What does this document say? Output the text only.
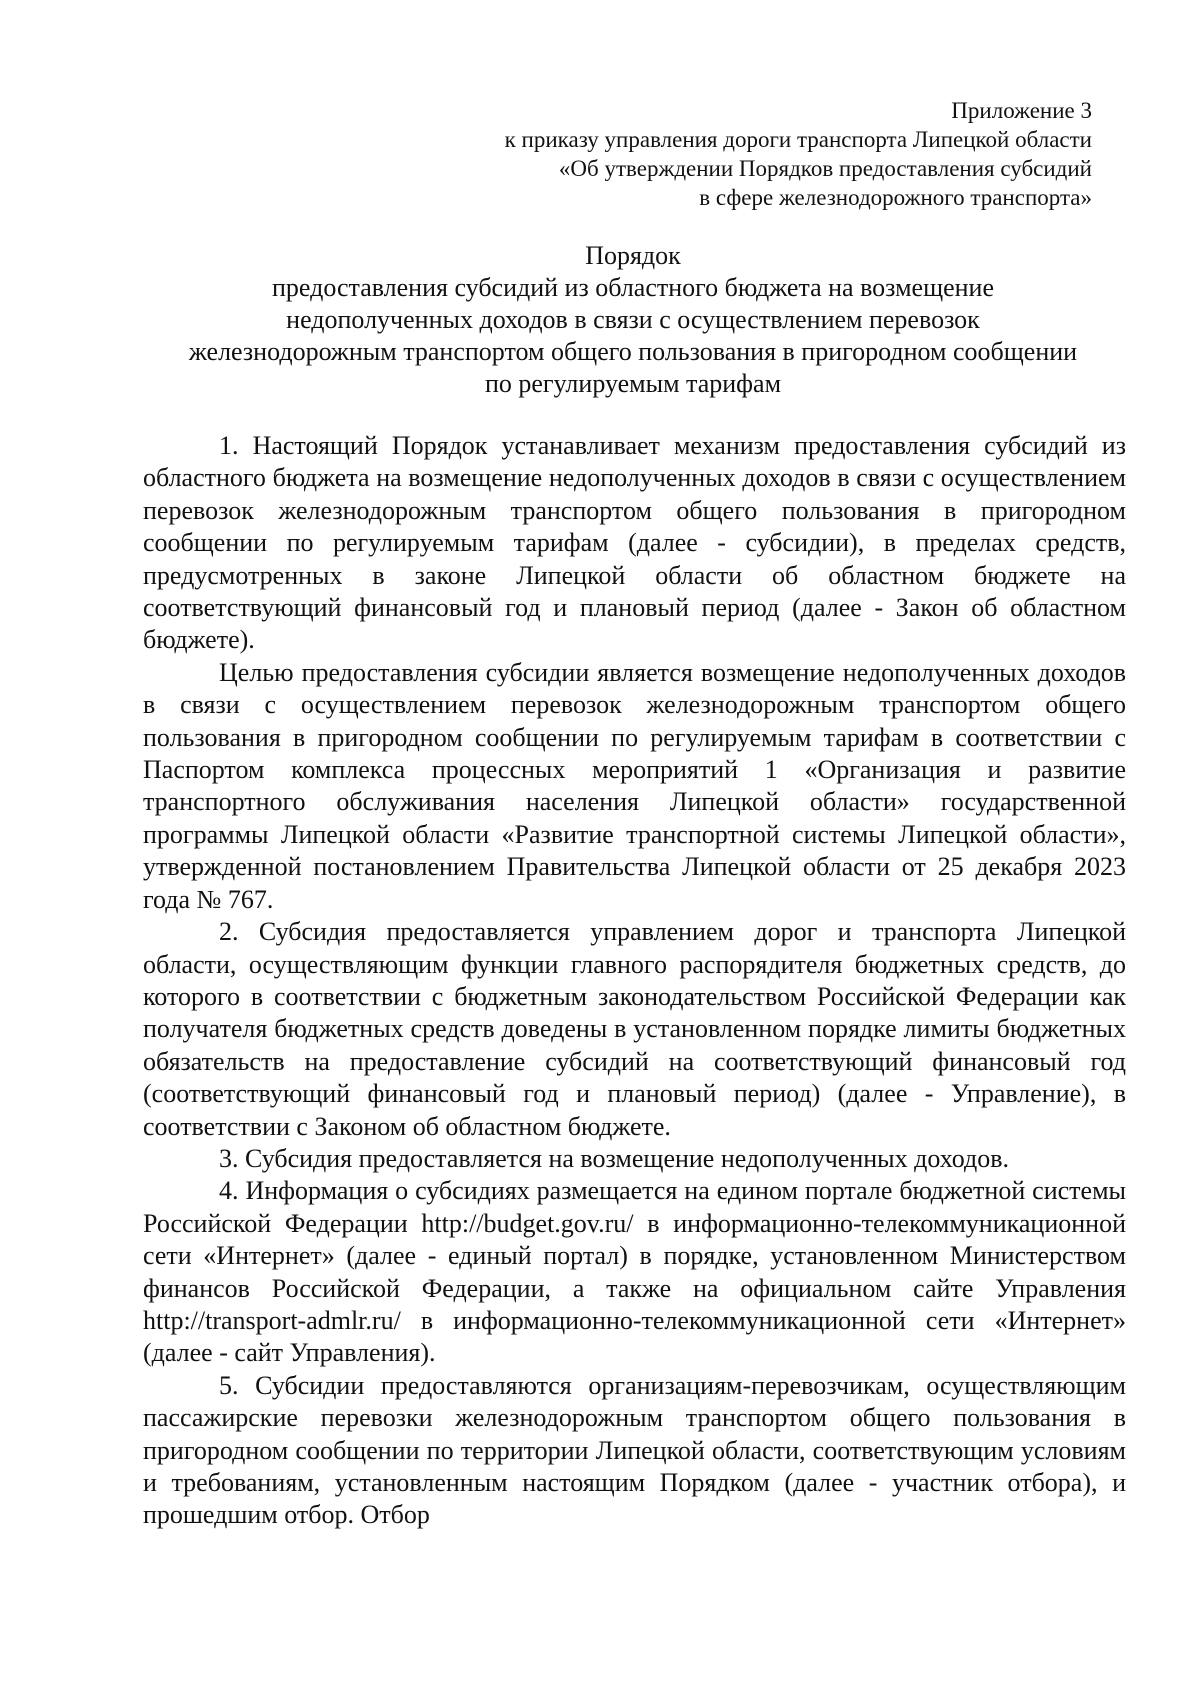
Приложение 3
к приказу управления дороги транспорта Липецкой области
«Об утверждении Порядков предоставления субсидий
в сфере железнодорожного транспорта»
Порядок
предоставления субсидий из областного бюджета на возмещение
недополученных доходов в связи с осуществлением перевозок
железнодорожным транспортом общего пользования в пригородном сообщении
по регулируемым тарифам

1. Настоящий Порядок устанавливает механизм предоставления субсидий из областного бюджета на возмещение недополученных доходов в связи с осуществлением перевозок железнодорожным транспортом общего пользования в пригородном сообщении по регулируемым тарифам (далее - субсидии), в пределах средств, предусмотренных в законе Липецкой области об областном бюджете на соответствующий финансовый год и плановый период (далее - Закон об областном бюджете).

Целью предоставления субсидии является возмещение недополученных доходов в связи с осуществлением перевозок железнодорожным транспортом общего пользования в пригородном сообщении по регулируемым тарифам в соответствии с Паспортом комплекса процессных мероприятий 1 «Организация и развитие транспортного обслуживания населения Липецкой области» государственной программы Липецкой области «Развитие транспортной системы Липецкой области», утвержденной постановлением Правительства Липецкой области от 25 декабря 2023 года № 767.

2. Субсидия предоставляется управлением дорог и транспорта Липецкой области, осуществляющим функции главного распорядителя бюджетных средств, до которого в соответствии с бюджетным законодательством Российской Федерации как получателя бюджетных средств доведены в установленном порядке лимиты бюджетных обязательств на предоставление субсидий на соответствующий финансовый год (соответствующий финансовый год и плановый период) (далее - Управление), в соответствии с Законом об областном бюджете.

3. Субсидия предоставляется на возмещение недополученных доходов.

4. Информация о субсидиях размещается на едином портале бюджетной системы Российской Федерации http://budget.gov.ru/ в информационно-телекоммуникационной сети «Интернет» (далее - единый портал) в порядке, установленном Министерством финансов Российской Федерации, а также на официальном сайте Управления http://transport-admlr.ru/ в информационно-телекоммуникационной сети «Интернет» (далее - сайт Управления).

5. Субсидии предоставляются организациям-перевозчикам, осуществляющим пассажирские перевозки железнодорожным транспортом общего пользования в пригородном сообщении по территории Липецкой области, соответствующим условиям и требованиям, установленным настоящим Порядком (далее - участник отбора), и прошедшим отбор. Отбор
